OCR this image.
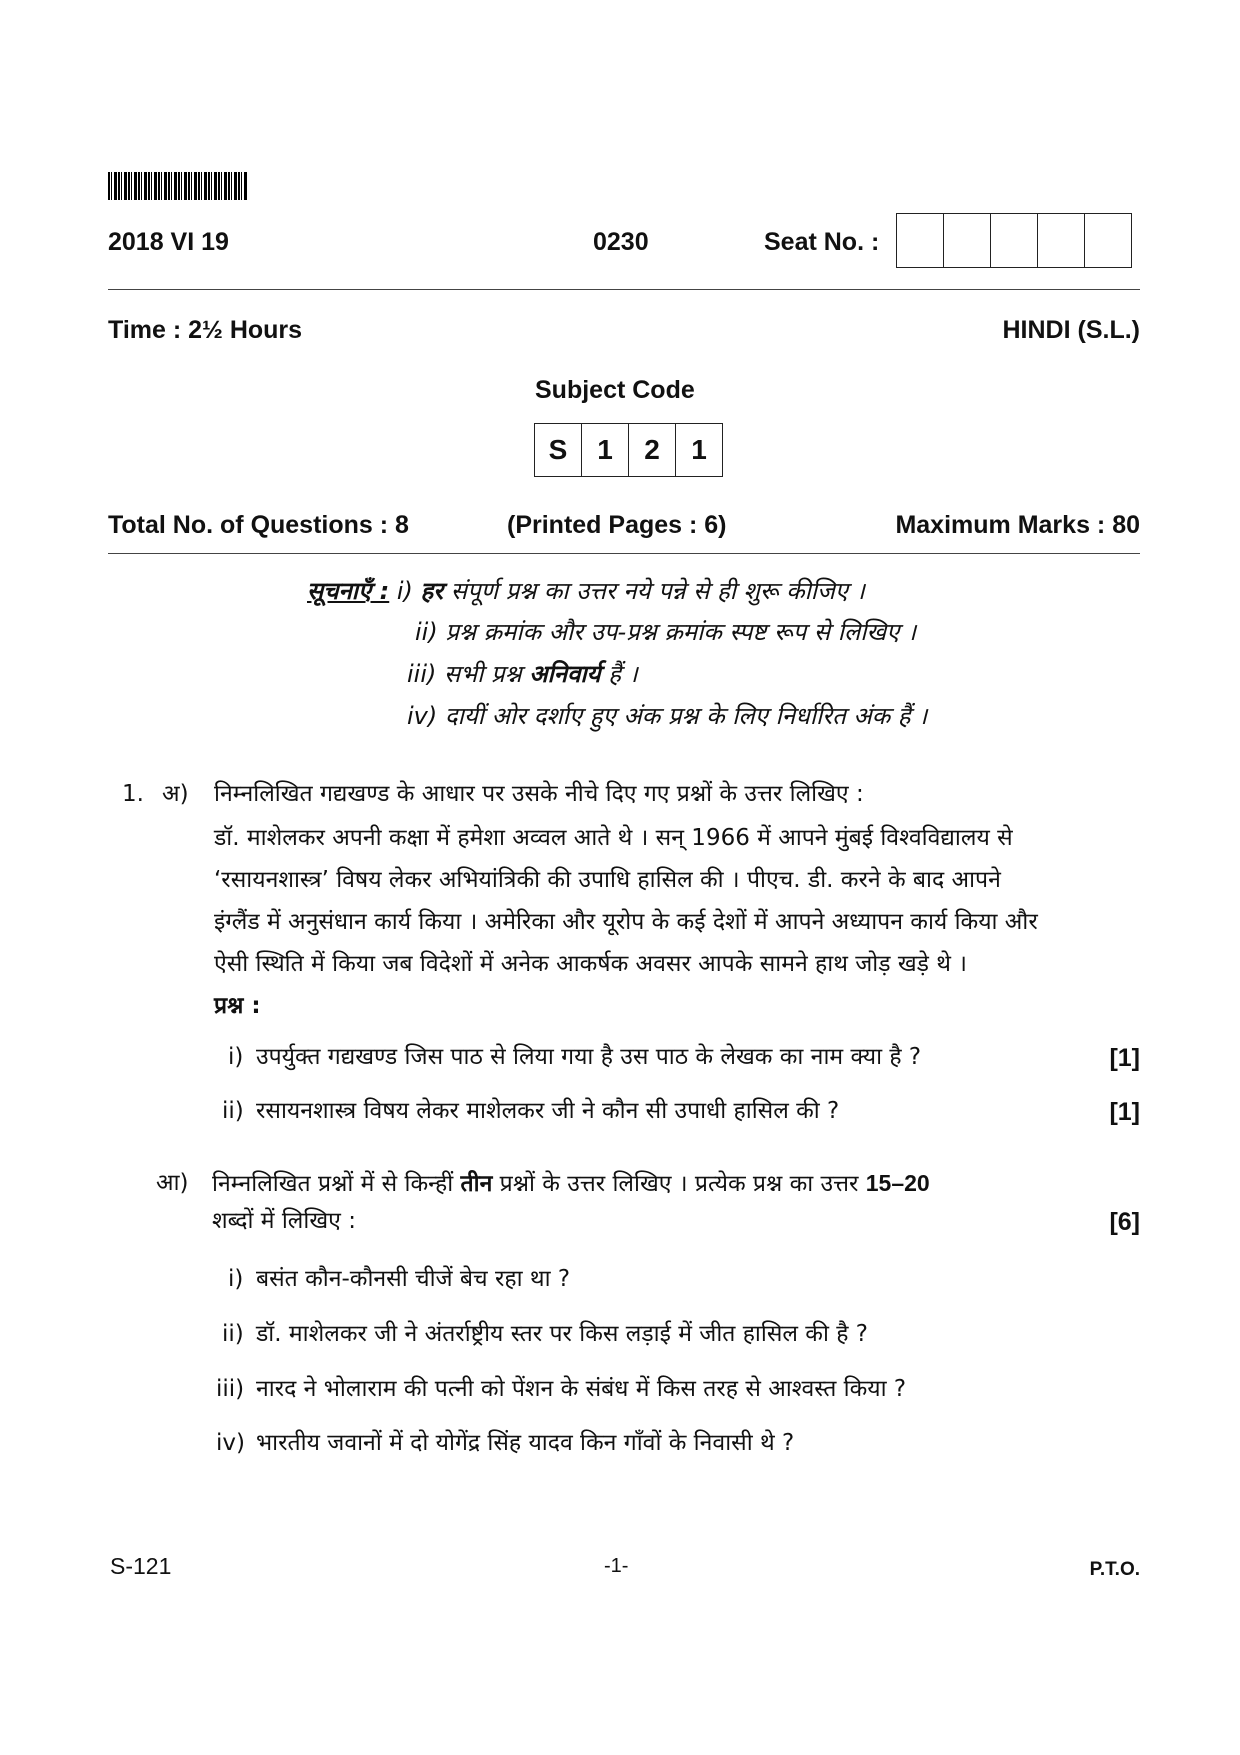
2018 VI 19	0230	Seat No. :
Time : 2½ Hours	HINDI (S.L.)
Subject Code
S	1	2	1
Total No. of Questions : 8	(Printed Pages : 6)	Maximum Marks : 80
सूचनाएँ : i) हर संपूर्ण प्रश्न का उत्तर नये पन्ने से ही शुरू कीजिए ।
ii) प्रश्न क्रमांक और उप-प्रश्न क्रमांक स्पष्ट रूप से लिखिए ।
iii) सभी प्रश्न अनिवार्य हैं ।
iv) दायीं ओर दर्शाए हुए अंक प्रश्न के लिए निर्धारित अंक हैं ।
1. अ) निम्नलिखित गद्यखण्ड के आधार पर उसके नीचे दिए गए प्रश्नों के उत्तर लिखिए :
डॉ. माशेलकर अपनी कक्षा में हमेशा अव्वल आते थे । सन् 1966 में आपने मुंबई विश्वविद्यालय से
‘रसायनशास्त्र’ विषय लेकर अभियांत्रिकी की उपाधि हासिल की । पीएच. डी. करने के बाद आपने
इंग्लैंड में अनुसंधान कार्य किया । अमेरिका और यूरोप के कई देशों में आपने अध्यापन कार्य किया और
ऐसी स्थिति में किया जब विदेशों में अनेक आकर्षक अवसर आपके सामने हाथ जोड़ खड़े थे ।
प्रश्न :
i) उपर्युक्त गद्यखण्ड जिस पाठ से लिया गया है उस पाठ के लेखक का नाम क्या है ?	[1]
ii) रसायनशास्त्र विषय लेकर माशेलकर जी ने कौन सी उपाधी हासिल की ?	[1]
आ) निम्नलिखित प्रश्नों में से किन्हीं तीन प्रश्नों के उत्तर लिखिए । प्रत्येक प्रश्न का उत्तर 15–20
शब्दों में लिखिए :	[6]
i) बसंत कौन-कौनसी चीजें बेच रहा था ?
ii) डॉ. माशेलकर जी ने अंतर्राष्ट्रीय स्तर पर किस लड़ाई में जीत हासिल की है ?
iii) नारद ने भोलाराम की पत्नी को पेंशन के संबंध में किस तरह से आश्वस्त किया ?
iv) भारतीय जवानों में दो योगेंद्र सिंह यादव किन गाँवों के निवासी थे ?
S-121	-1-	P.T.O.
